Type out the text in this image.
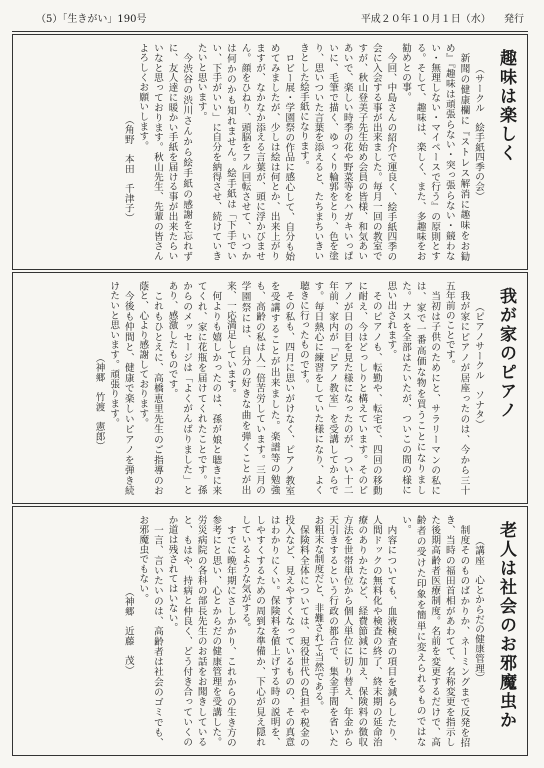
（5）「生きがい」190号	平成２０年１０月１日（水） 発行
趣味は楽しく

（サークル　絵手紙四季の会）

新聞の健康欄に『ストレス解消に趣味をお勧め』『趣味は頑張らない・突っ張らない・競わない・無理しない・マイペースで行う』の原則とする。そして、趣味は、楽しく、また、多趣味をお勧めとの事。

今回、中島さんの紹介で運良く、絵手紙四季の会に入会する事が出来ました。毎月一回の教室ですが、秋山登美子先生始め会員の皆様、和気あいあいで、楽しい時季の花や野菜等をハガキいっぱいに、毛筆で描く、ゆっくり輪郭をとり、色を塗り、思いついた言葉を添えると、たちまちいきいきとした絵手紙になります。

ロビー展・学園祭の作品に感心して、自分も始めてみましたが、少しは絵は何とか、出来上がりますが、なかなか添える言葉が、頭に浮かびません。顔をひねり、頭脳をフル回転させて、いつかは何かのかも知れません。絵手紙は「下手でいい、下手がいい」に自分を納得させ、続けていきたいと思います。

今渋谷の渋川さんから絵手紙の感謝を忘れずに、友人達に暖かい手紙を届ける事が出来たらいいなと思っております。秋山先生、先輩の皆さんよろしくお願いします。

（角野　本田　千津子）

我が家のピアノ

（ピアノサークル　ソナタ）

我が家にピアノが居座ったのは、今から三十五年前のことです。

当初は子供のためにと、サラリーマンの私には、家で一番高価な物を買うことになりました。ナスを全部はたいたが、ついこの間の様に思い出されます。

そのピアノも、転勤や、転宅で、四回の移動に耐え、今はどっしりと構えています。そのピアノが日の目を見た様になったのが、つい十二年前、家内が「ピアノ教室」を受講してからです。毎日熱心に練習をしていた様になり、よく聴きに行ったものです。

その私も、四月に思いがけなく、ピアノ教室を受講することが出来ました。楽譜等の勉強も、高齢の私は人一倍苦労しています。三月の学園祭には、自分の好きな曲を弾くことが出来、一応満足しています。

何よりも嬉しかったのは、孫が娘と聴きに来てくれ、家に花瓶を届けてくれたことです。孫からのメッセージは「よくがんばりました」とあり、感激したものです。

これもひとえに、高橋恵里先生のご指導のお蔭と、心より感謝しております。

今後も仲間と、健康で楽しいピアノを弾き続けたいと思います。頑張ります。

（神郷　竹渡　憲郎）

老人は社会のお邪魔虫か

（講座　心とからだの健康管理）

制度そのものばかりか、ネーミングまで反発を招き、当時の福田首相があわてて、名称変更を指示した後期高齢者医療制度。名前を変更するだけで、高齢者の受けた印象を簡単に変えられるものではない。

内容についても、血液検査の項目を減らしたり、人間ドックの無料化や検査の終了、終末期の延命治療のありかたなど、経費節減に加え、保険料の徴収方法を世帯単位から個人単位に切り替え、年金から天引きするという行政の都合で、集金手間を省いたお粗末な制度だと、非難されて当然である。

保険料全体については、現役世代の負担や税金の投入など、見えやすくなっているものの、その真意はわかりにくい。保険料を値上げする時の説明を、しやすくするための周到な準備か、下心が見え隠れしているような気がする。

すでに晩年期にさしかかり、これからの生き方の参考にと思い、心とからだの健康管理を受講した。労災病院の各科の部長先生のお話をお聞きしていると、もはや、持病と仲良く、どう付き合っていくのか道は残されてはいない。

一言、言いたいのは、高齢者は社会のゴミでも、お邪魔虫でもない。

（神郷　近藤　茂）
